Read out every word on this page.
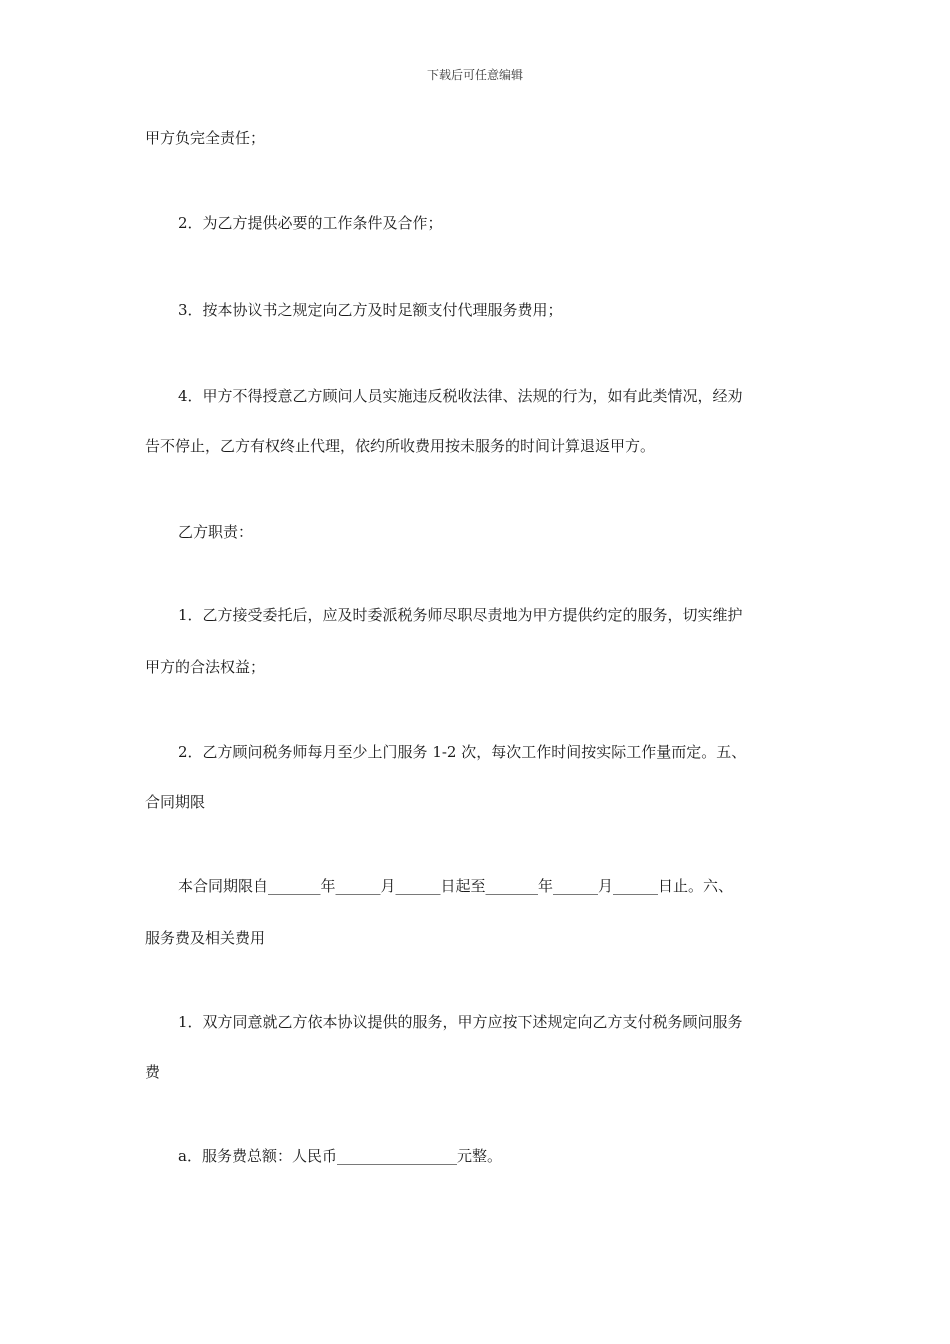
下载后可任意编辑
甲方负完全责任；
2．为乙方提供必要的工作条件及合作；
3．按本协议书之规定向乙方及时足额支付代理服务费用；
4．甲方不得授意乙方顾问人员实施违反税收法律、法规的行为，如有此类情况，经劝
告不停止，乙方有权终止代理，依约所收费用按未服务的时间计算退返甲方。
乙方职责：
1．乙方接受委托后，应及时委派税务师尽职尽责地为甲方提供约定的服务，切实维护
甲方的合法权益；
2．乙方顾问税务师每月至少上门服务 1-2 次，每次工作时间按实际工作量而定。五、
合同期限
本合同期限自_______年______月______日起至_______年______月______日止。六、
服务费及相关费用
1．双方同意就乙方依本协议提供的服务，甲方应按下述规定向乙方支付税务顾问服务
费
a．服务费总额：人民币________________元整。
